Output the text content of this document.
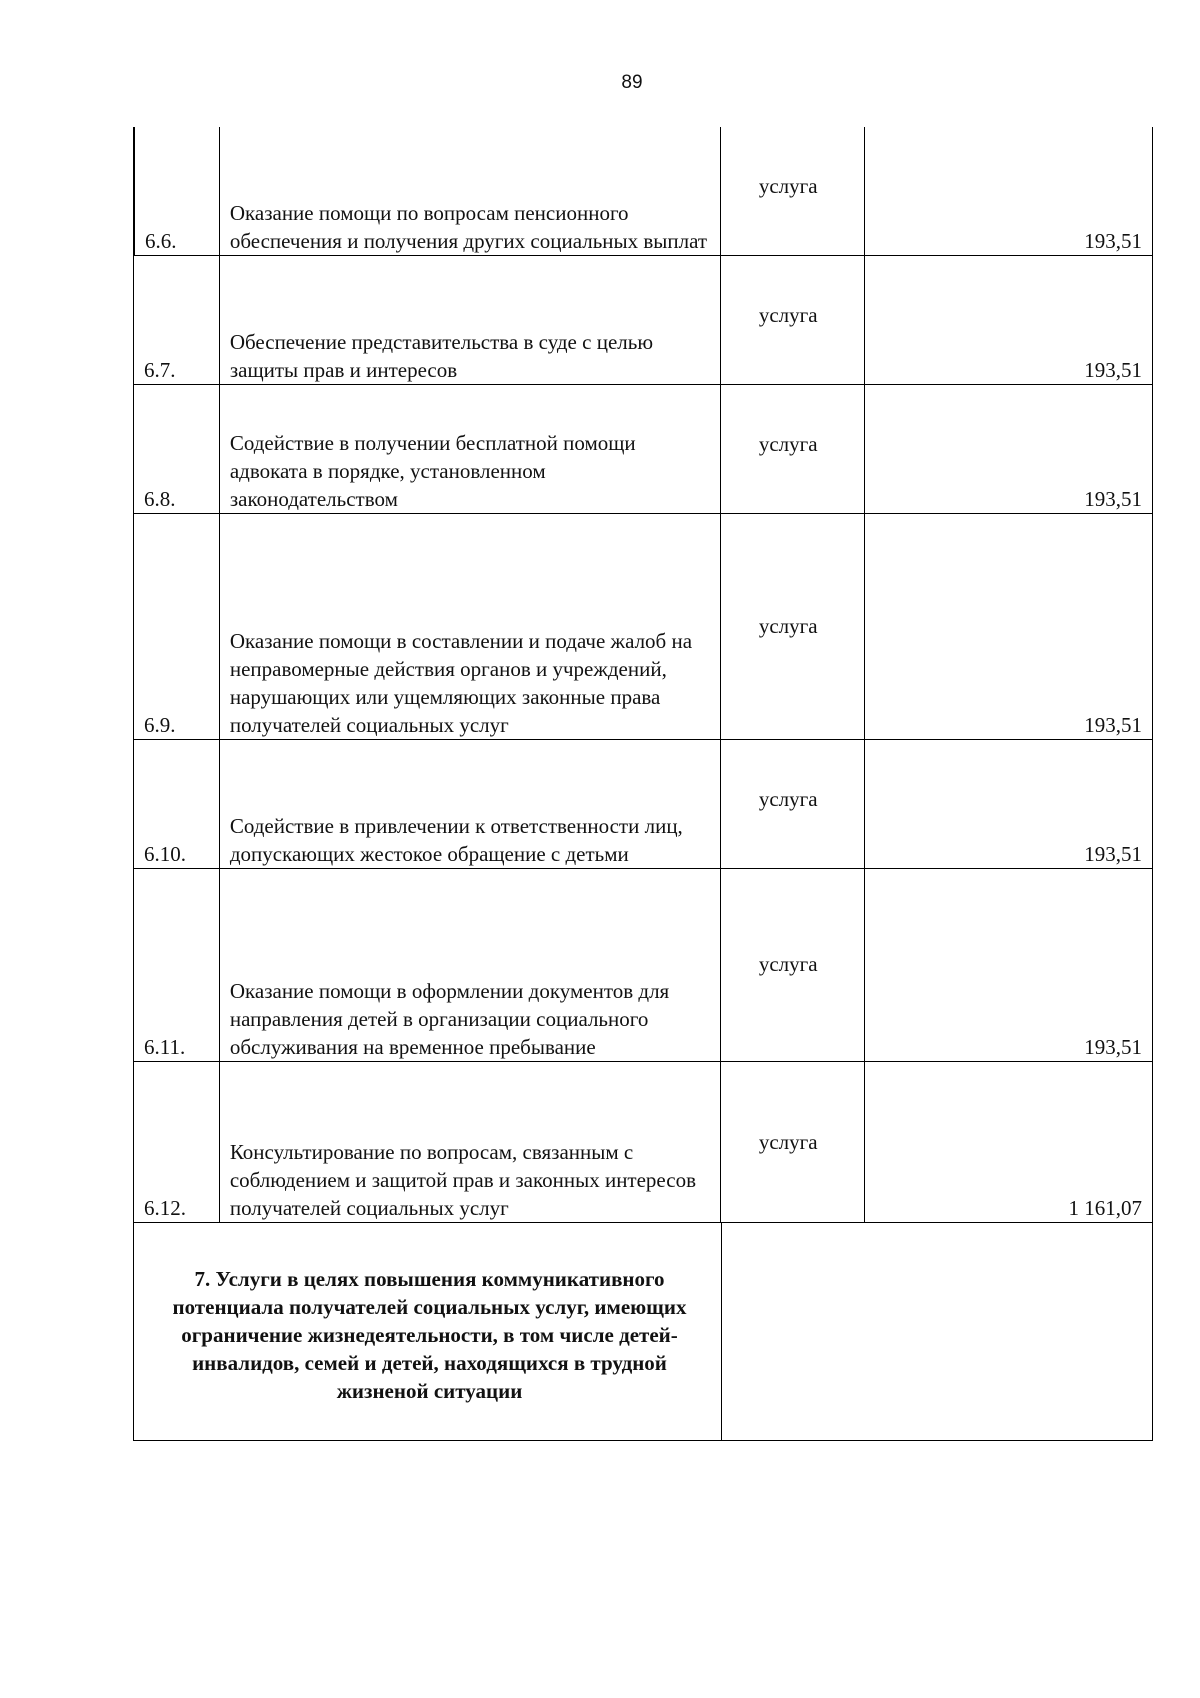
89
6.6.
Оказание помощи по вопросам пенсионного обеспечения и получения других социальных выплат
услуга
193,51
6.7.
Обеспечение представительства в суде с целью защиты прав и интересов
услуга
193,51
6.8.
Содействие в получении бесплатной помощи адвоката в порядке, установленном законодательством
услуга
193,51
6.9.
Оказание помощи в составлении и подаче жалоб на неправомерные действия органов и учреждений, нарушающих или ущемляющих законные права получателей социальных услуг
услуга
193,51
6.10.
Содействие в привлечении к ответственности лиц, допускающих жестокое обращение с детьми
услуга
193,51
6.11.
Оказание помощи в оформлении документов для направления детей в организации социального обслуживания на временное пребывание
услуга
193,51
6.12.
Консультирование по вопросам, связанным с соблюдением и защитой прав и законных интересов получателей социальных услуг
услуга
1 161,07
7. Услуги в целях повышения коммуникативного потенциала получателей социальных услуг, имеющих ограничение жизнедеятельности, в том числе детей-инвалидов, семей и детей, находящихся в трудной жизненой ситуации
